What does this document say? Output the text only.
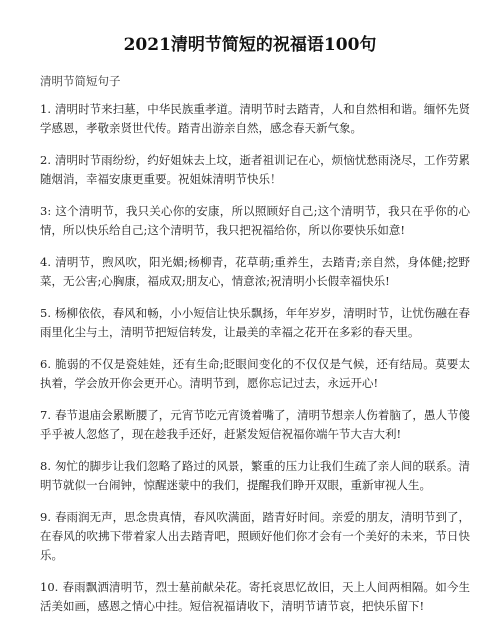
2021清明节简短的祝福语100句
清明节简短句子
1. 清明时节来扫墓，中华民族重孝道。清明节时去踏青，人和自然相和谐。缅怀先贤学感恩，孝敬亲贤世代传。踏青出游亲自然，感念春天新气象。
2. 清明时节雨纷纷，约好姐妹去上坟，逝者祖训记在心，烦恼忧愁雨浇尽，工作劳累随烟消，幸福安康更重要。祝姐妹清明节快乐！
3: 这个清明节，我只关心你的安康，所以照顾好自己;这个清明节，我只在乎你的心情，所以快乐给自己;这个清明节，我只把祝福给你，所以你要快乐如意!
4. 清明节，煦风吹，阳光媚;杨柳青，花草萌;重养生，去踏青;亲自然，身体健;挖野菜，无公害;心胸康，福成双;朋友心，情意浓;祝清明小长假幸福快乐!
5. 杨柳依依，春风和畅，小小短信让快乐飘扬，年年岁岁，清明时节，让忧伤融在春雨里化尘与土，清明节把短信转发，让最美的幸福之花开在多彩的春天里。
6. 脆弱的不仅是瓷娃娃，还有生命;眨眼间变化的不仅仅是气候，还有结局。莫要太执着，学会放开你会更开心。清明节到，愿你忘记过去，永远开心!
7. 春节退庙会累断腰了，元宵节吃元宵烫着嘴了，清明节想亲人伤着脑了，愚人节傻乎乎被人忽悠了，现在趁我手还好，赶紧发短信祝福你端午节大吉大利!
8. 匆忙的脚步让我们忽略了路过的风景，繁重的压力让我们生疏了亲人间的联系。清明节就似一台闹钟，惊醒迷蒙中的我们，提醒我们睁开双眼，重新审视人生。
9. 春雨润无声，思念贵真情，春风吹满面，踏青好时间。亲爱的朋友，清明节到了，在春风的吹拂下带着家人出去踏青吧，照顾好他们你才会有一个美好的未来，节日快乐。
10. 春雨飘洒清明节，烈士墓前献朵花。寄托哀思忆故旧，天上人间两相隔。如今生活美如画，感恩之情心中挂。短信祝福请收下，清明节请节哀，把快乐留下!
